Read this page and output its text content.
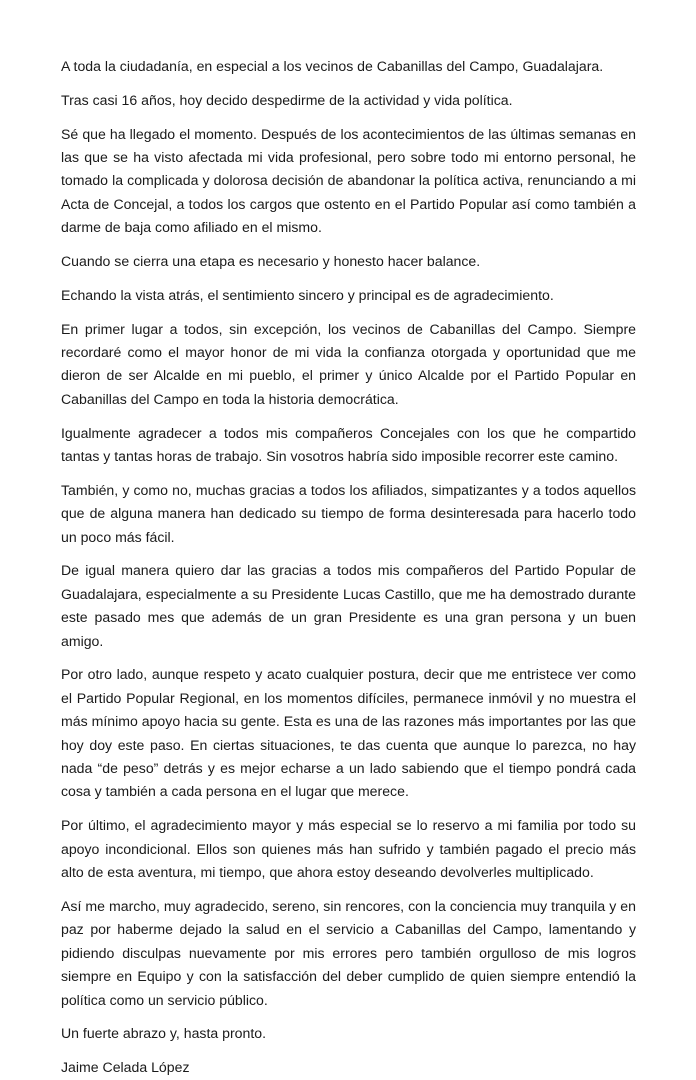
A toda la ciudadanía, en especial a los vecinos de Cabanillas del Campo, Guadalajara.

Tras casi 16 años, hoy decido despedirme de la actividad y vida política.

Sé que ha llegado el momento. Después de los acontecimientos de las últimas semanas en las que se ha visto afectada mi vida profesional, pero sobre todo mi entorno personal, he tomado la complicada y dolorosa decisión de abandonar la política activa, renunciando a mi Acta de Concejal, a todos los cargos que ostento en el Partido Popular así como también a darme de baja como afiliado en el mismo.

Cuando se cierra una etapa es necesario y honesto hacer balance.

Echando la vista atrás, el sentimiento sincero y principal es de agradecimiento.

En primer lugar a todos, sin excepción, los vecinos de Cabanillas del Campo. Siempre recordaré como el mayor honor de mi vida la confianza otorgada y oportunidad que me dieron de ser Alcalde en mi pueblo, el primer y único Alcalde por el Partido Popular en Cabanillas del Campo en toda la historia democrática.

Igualmente agradecer a todos mis compañeros Concejales con los que he compartido tantas y tantas horas de trabajo. Sin vosotros habría sido imposible recorrer este camino.

También, y como no, muchas gracias a todos los afiliados, simpatizantes y a todos aquellos que de alguna manera han dedicado su tiempo de forma desinteresada para hacerlo todo un poco más fácil.

De igual manera quiero dar las gracias a todos mis compañeros del Partido Popular de Guadalajara, especialmente a su Presidente Lucas Castillo, que me ha demostrado durante este pasado mes que además de un gran Presidente es una gran persona y un buen amigo.

Por otro lado, aunque respeto y acato cualquier postura, decir que me entristece ver como el Partido Popular Regional, en los momentos difíciles, permanece inmóvil y no muestra el más mínimo apoyo hacia su gente. Esta es una de las razones más importantes por las que hoy doy este paso. En ciertas situaciones, te das cuenta que aunque lo parezca, no hay nada “de peso” detrás y es mejor echarse a un lado sabiendo que el tiempo pondrá cada cosa y también a cada persona en el lugar que merece.

Por último, el agradecimiento mayor y más especial se lo reservo a mi familia por todo su apoyo incondicional. Ellos son quienes más han sufrido y también pagado el precio más alto de esta aventura, mi tiempo, que ahora estoy deseando devolverles multiplicado.

Así me marcho, muy agradecido, sereno, sin rencores, con la conciencia muy tranquila y en paz por haberme dejado la salud en el servicio a Cabanillas del Campo, lamentando y pidiendo disculpas nuevamente por mis errores pero también orgulloso de mis logros siempre en Equipo y con la satisfacción del deber cumplido de quien siempre entendió la política como un servicio público.

Un fuerte abrazo y, hasta pronto.

Jaime Celada López
